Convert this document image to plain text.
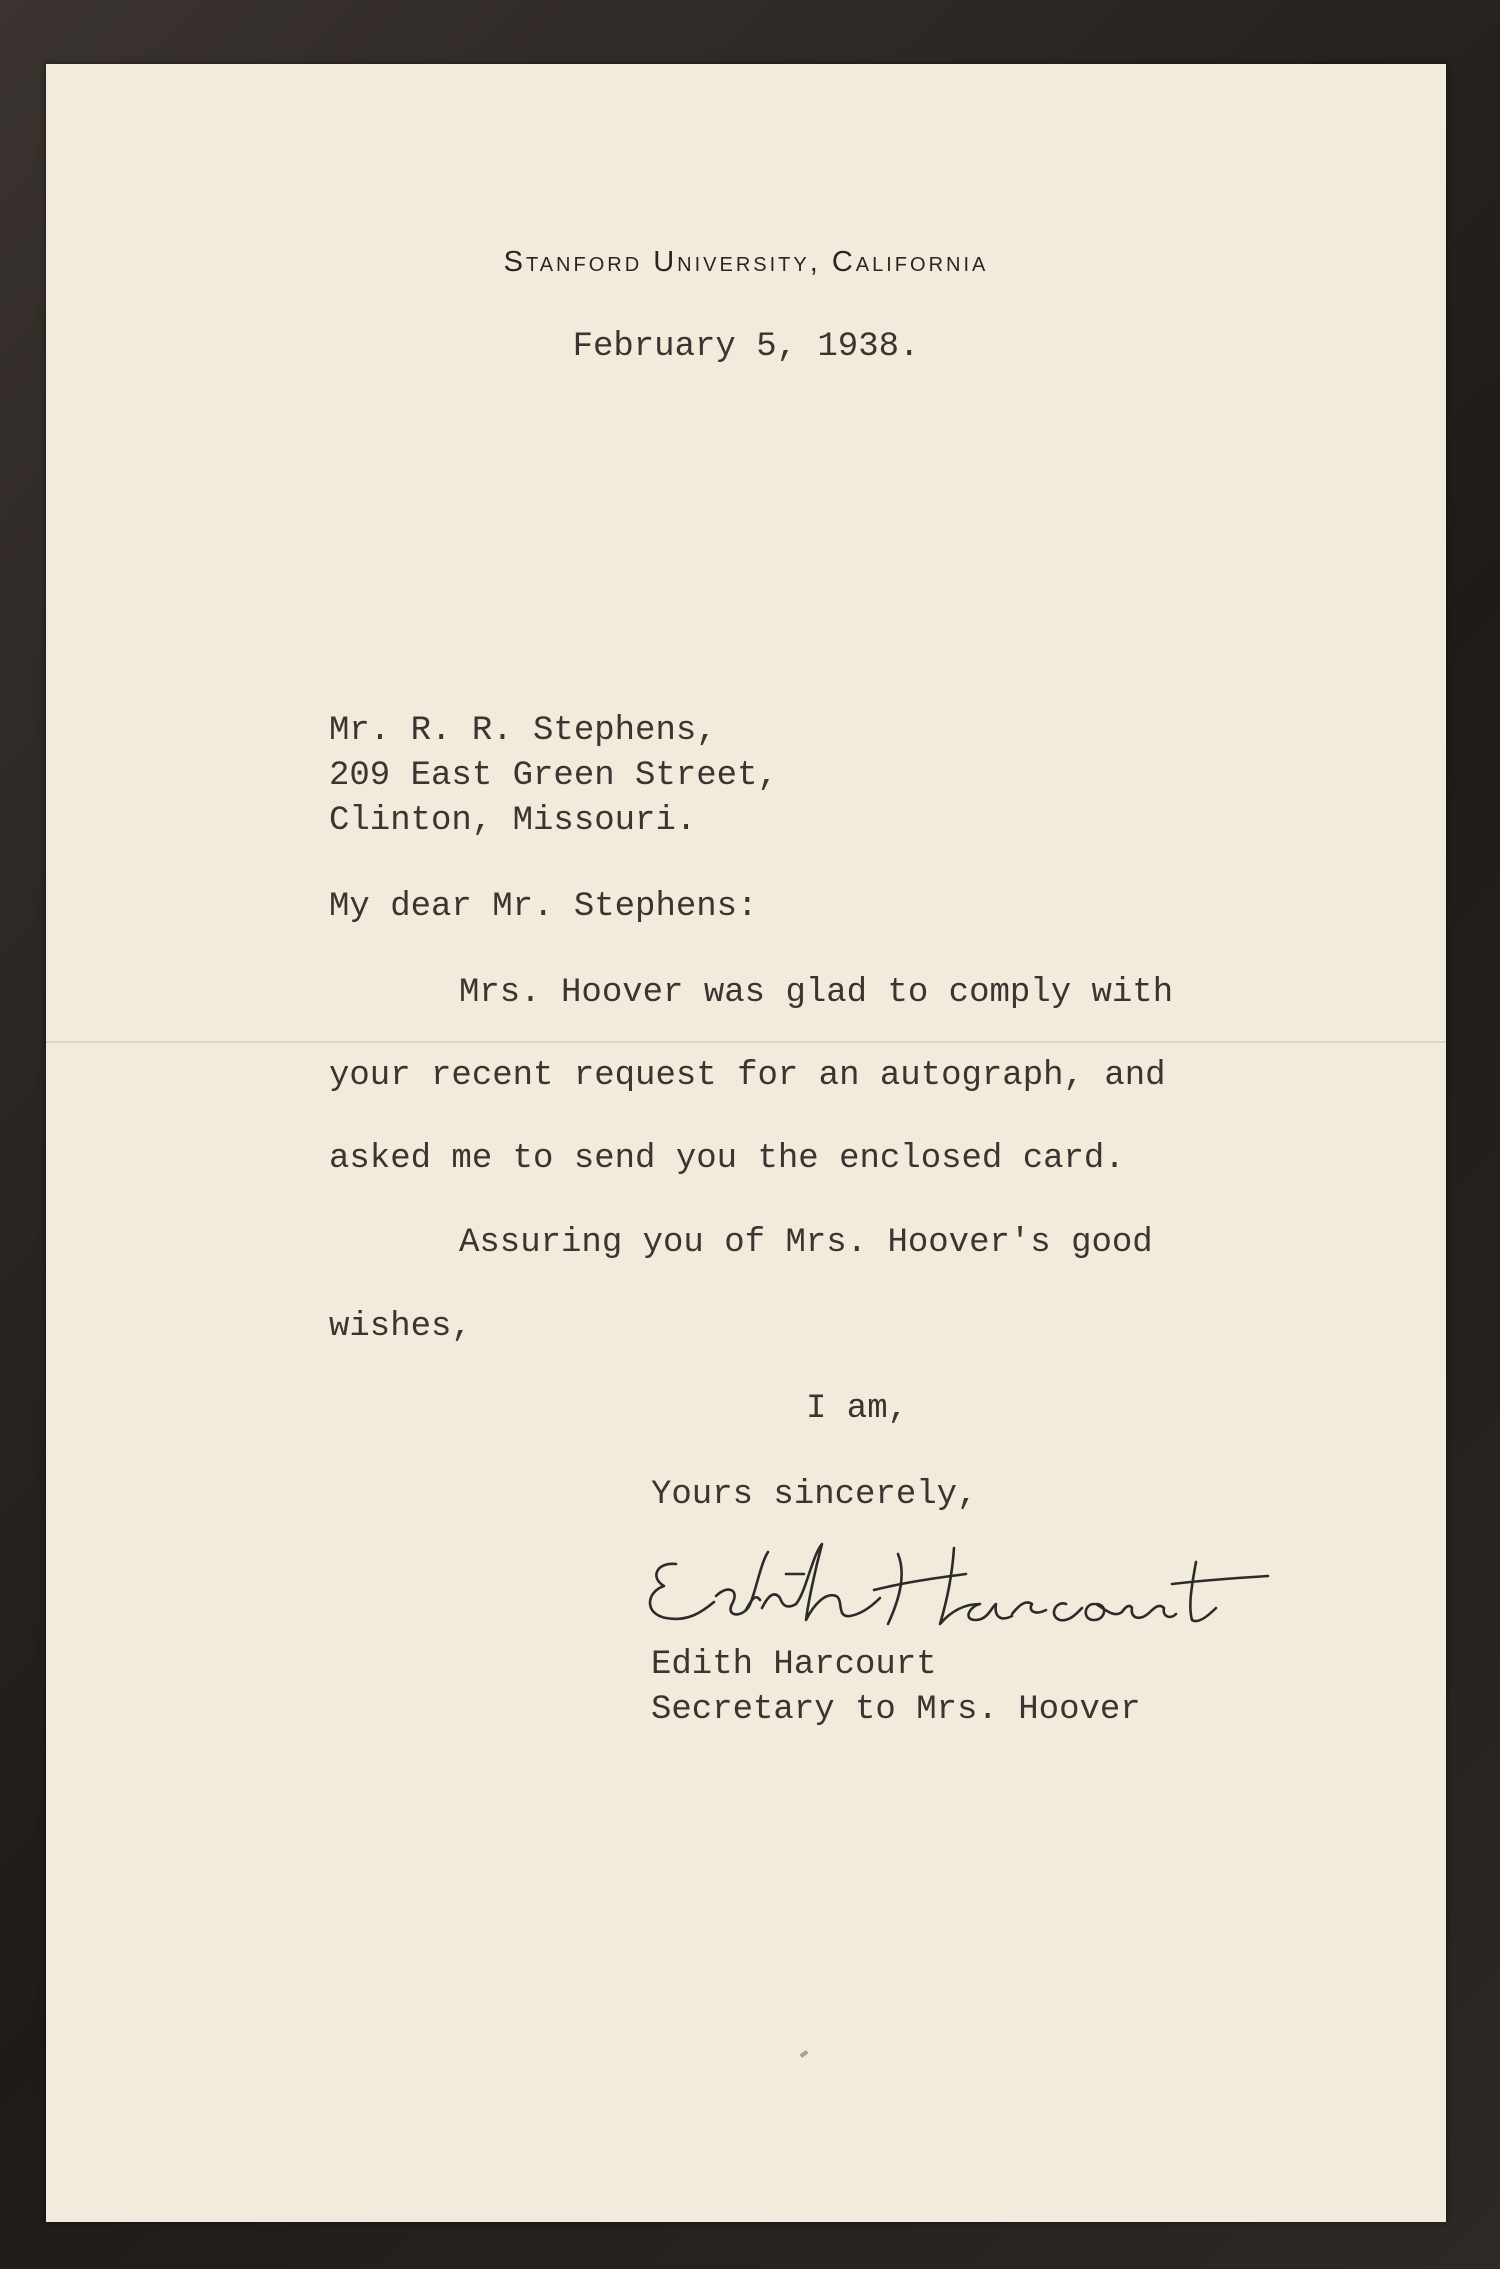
Stanford University, California
February 5, 1938.
Mr. R. R. Stephens,
209 East Green Street,
Clinton, Missouri.
My dear Mr. Stephens:
Mrs. Hoover was glad to comply with
your recent request for an autograph, and
asked me to send you the enclosed card.
Assuring you of Mrs. Hoover's good
wishes,
I am,
Yours sincerely,
Edith Harcourt
Secretary to Mrs. Hoover
